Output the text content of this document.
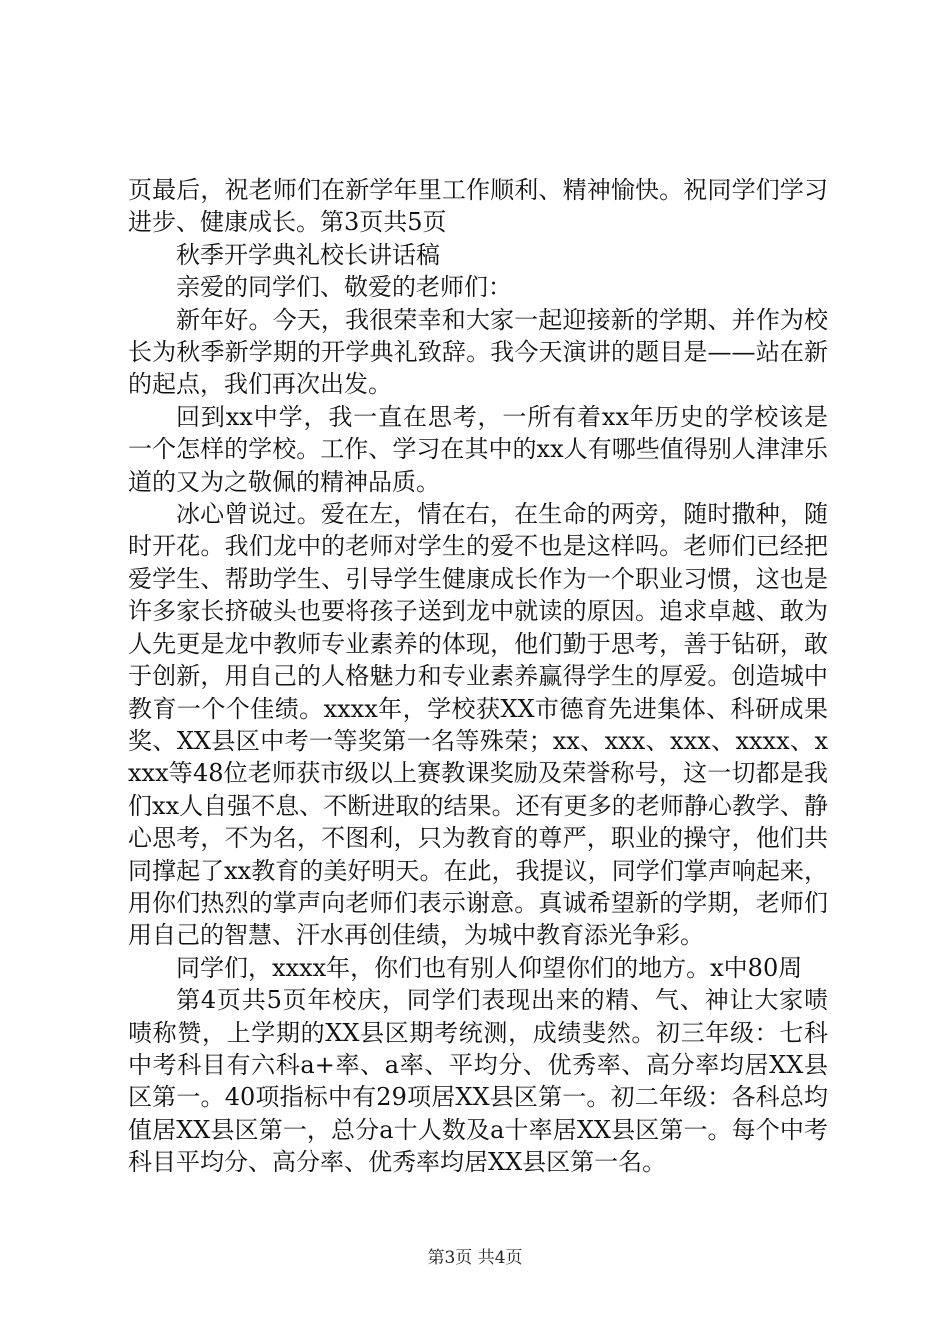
页最后，祝老师们在新学年里工作顺利、精神愉快。祝同学们学习进步、健康成长。第3页共5页

秋季开学典礼校长讲话稿

亲爱的同学们、敬爱的老师们：

新年好。今天，我很荣幸和大家一起迎接新的学期、并作为校长为秋季新学期的开学典礼致辞。我今天演讲的题目是——站在新的起点，我们再次出发。

回到xx中学，我一直在思考，一所有着xx年历史的学校该是一个怎样的学校。工作、学习在其中的xx人有哪些值得别人津津乐道的又为之敬佩的精神品质。

冰心曾说过。爱在左，情在右，在生命的两旁，随时撒种，随时开花。我们龙中的老师对学生的爱不也是这样吗。老师们已经把爱学生、帮助学生、引导学生健康成长作为一个职业习惯，这也是许多家长挤破头也要将孩子送到龙中就读的原因。追求卓越、敢为人先更是龙中教师专业素养的体现，他们勤于思考，善于钻研，敢于创新，用自己的人格魅力和专业素养赢得学生的厚爱。创造城中教育一个个佳绩。xxxx年，学校获XX市德育先进集体、科研成果奖、XX县区中考一等奖第一名等殊荣；xx、xxx、xxx、xxxx、xxxx等48位老师获市级以上赛教课奖励及荣誉称号，这一切都是我们xx人自强不息、不断进取的结果。还有更多的老师静心教学、静心思考，不为名，不图利，只为教育的尊严，职业的操守，他们共同撑起了xx教育的美好明天。在此，我提议，同学们掌声响起来，用你们热烈的掌声向老师们表示谢意。真诚希望新的学期，老师们用自己的智慧、汗水再创佳绩，为城中教育添光争彩。

同学们，xxxx年，你们也有别人仰望你们的地方。x中80周

第4页共5页年校庆，同学们表现出来的精、气、神让大家啧啧称赞，上学期的XX县区期考统测，成绩斐然。初三年级：七科中考科目有六科a+率、a率、平均分、优秀率、高分率均居XX县区第一。40项指标中有29项居XX县区第一。初二年级：各科总均值居XX县区第一，总分a十人数及a十率居XX县区第一。每个中考科目平均分、高分率、优秀率均居XX县区第一名。

第3页 共4页
